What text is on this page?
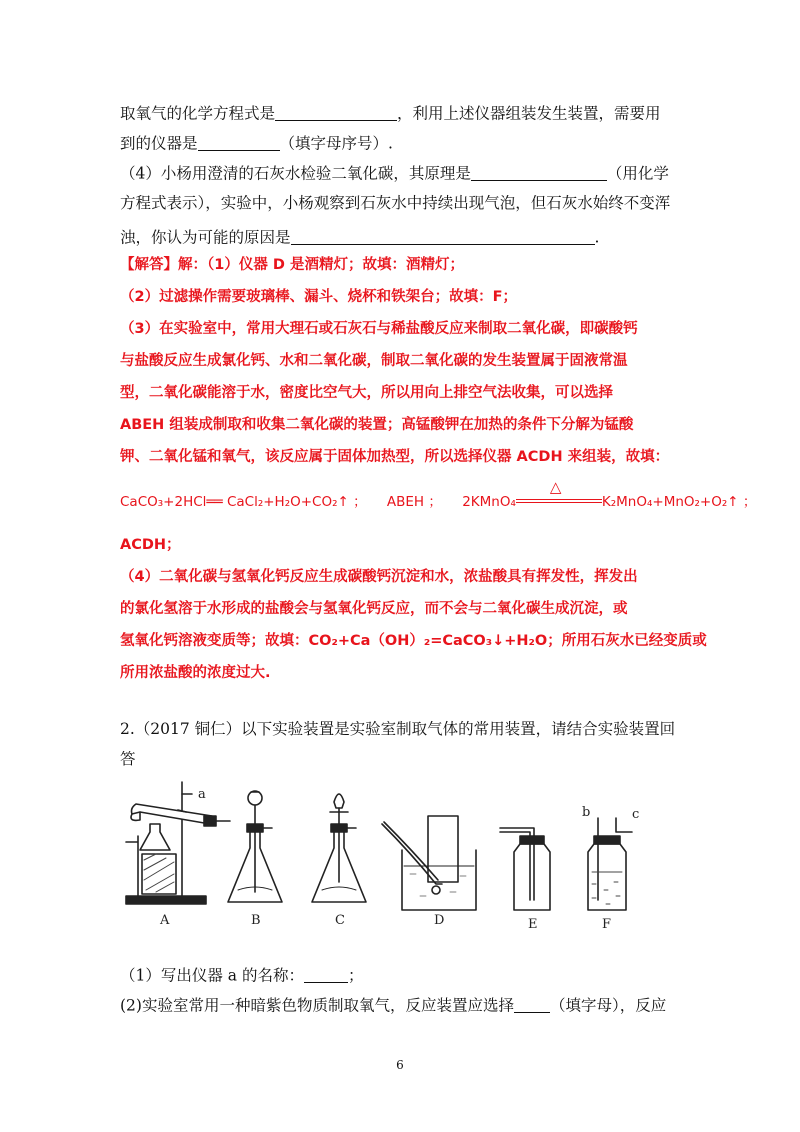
取氧气的化学方程式是	，利用上述仪器组装发生装置，需要用
到的仪器是	（填字母序号）.
（4）小杨用澄清的石灰水检验二氧化碳，其原理是	（用化学
方程式表示），实验中，小杨观察到石灰水中持续出现气泡，但石灰水始终不变浑
浊，你认为可能的原因是	.
【解答】解：（1）仪器 D 是酒精灯；故填：酒精灯；
（2）过滤操作需要玻璃棒、漏斗、烧杯和铁架台；故填：F；
（3）在实验室中，常用大理石或石灰石与稀盐酸反应来制取二氧化碳，即碳酸钙
与盐酸反应生成氯化钙、水和二氧化碳，制取二氧化碳的发生装置属于固液常温
型，二氧化碳能溶于水，密度比空气大，所以用向上排空气法收集，可以选择
ABEH 组装成制取和收集二氧化碳的装置；高锰酸钾在加热的条件下分解为锰酸
钾、二氧化锰和氧气，该反应属于固体加热型，所以选择仪器 ACDH 来组装，故填：
CaCO₃+2HCl══ CaCl₂+H₂O+CO₂↑ ； ABEH ； 2KMnO₄
△
K₂MnO₄+MnO₂+O₂↑ ；
ACDH；
（4）二氧化碳与氢氧化钙反应生成碳酸钙沉淀和水，浓盐酸具有挥发性，挥发出
的氯化氢溶于水形成的盐酸会与氢氧化钙反应，而不会与二氧化碳生成沉淀，或
氢氧化钙溶液变质等；故填：CO₂+Ca（OH）₂=CaCO₃↓+H₂O；所用石灰水已经变质或
所用浓盐酸的浓度过大.
2.（2017 铜仁）以下实验装置是实验室制取气体的常用装置，请结合实验装置回
答
a
b	c
A	B	C	D	E	F
（1）写出仪器 a 的名称：	；
(2)实验室常用一种暗紫色物质制取氧气，反应装置应选择 （填字母），反应
6
